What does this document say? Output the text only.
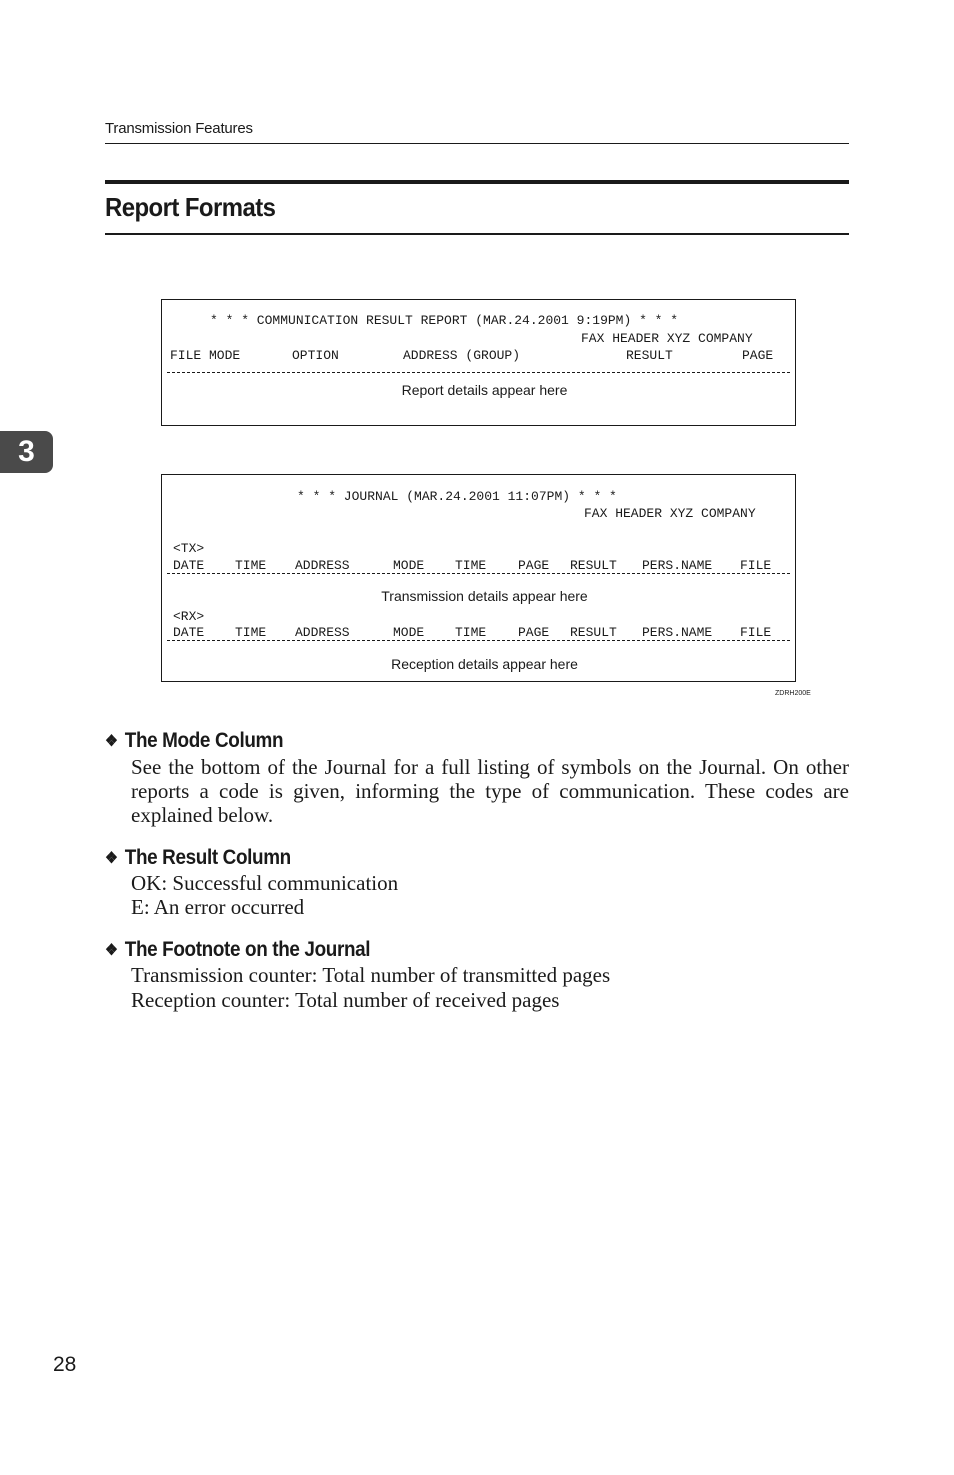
Transmission Features
Report Formats
3
* * * COMMUNICATION RESULT REPORT (MAR.24.2001 9:19PM) * * *
FAX HEADER XYZ COMPANY
FILE MODE	OPTION	ADDRESS (GROUP)	RESULT	PAGE
Report details appear here
* * * JOURNAL (MAR.24.2001 11:07PM) * * *
FAX HEADER XYZ COMPANY
<TX>
DATE TIME ADDRESS	MODE TIME PAGE RESULT PERS.NAME FILE
Transmission details appear here
<RX>
DATE TIME ADDRESS	MODE TIME PAGE RESULT PERS.NAME FILE
Reception details appear here
ZDRH200E
❖ The Mode Column
See the bottom of the Journal for a full listing of symbols on the Journal. On other reports a code is given, informing the type of communication. These codes are explained below.
❖ The Result Column
OK: Successful communication
E: An error occurred
❖ The Footnote on the Journal
Transmission counter: Total number of transmitted pages
Reception counter: Total number of received pages
28
